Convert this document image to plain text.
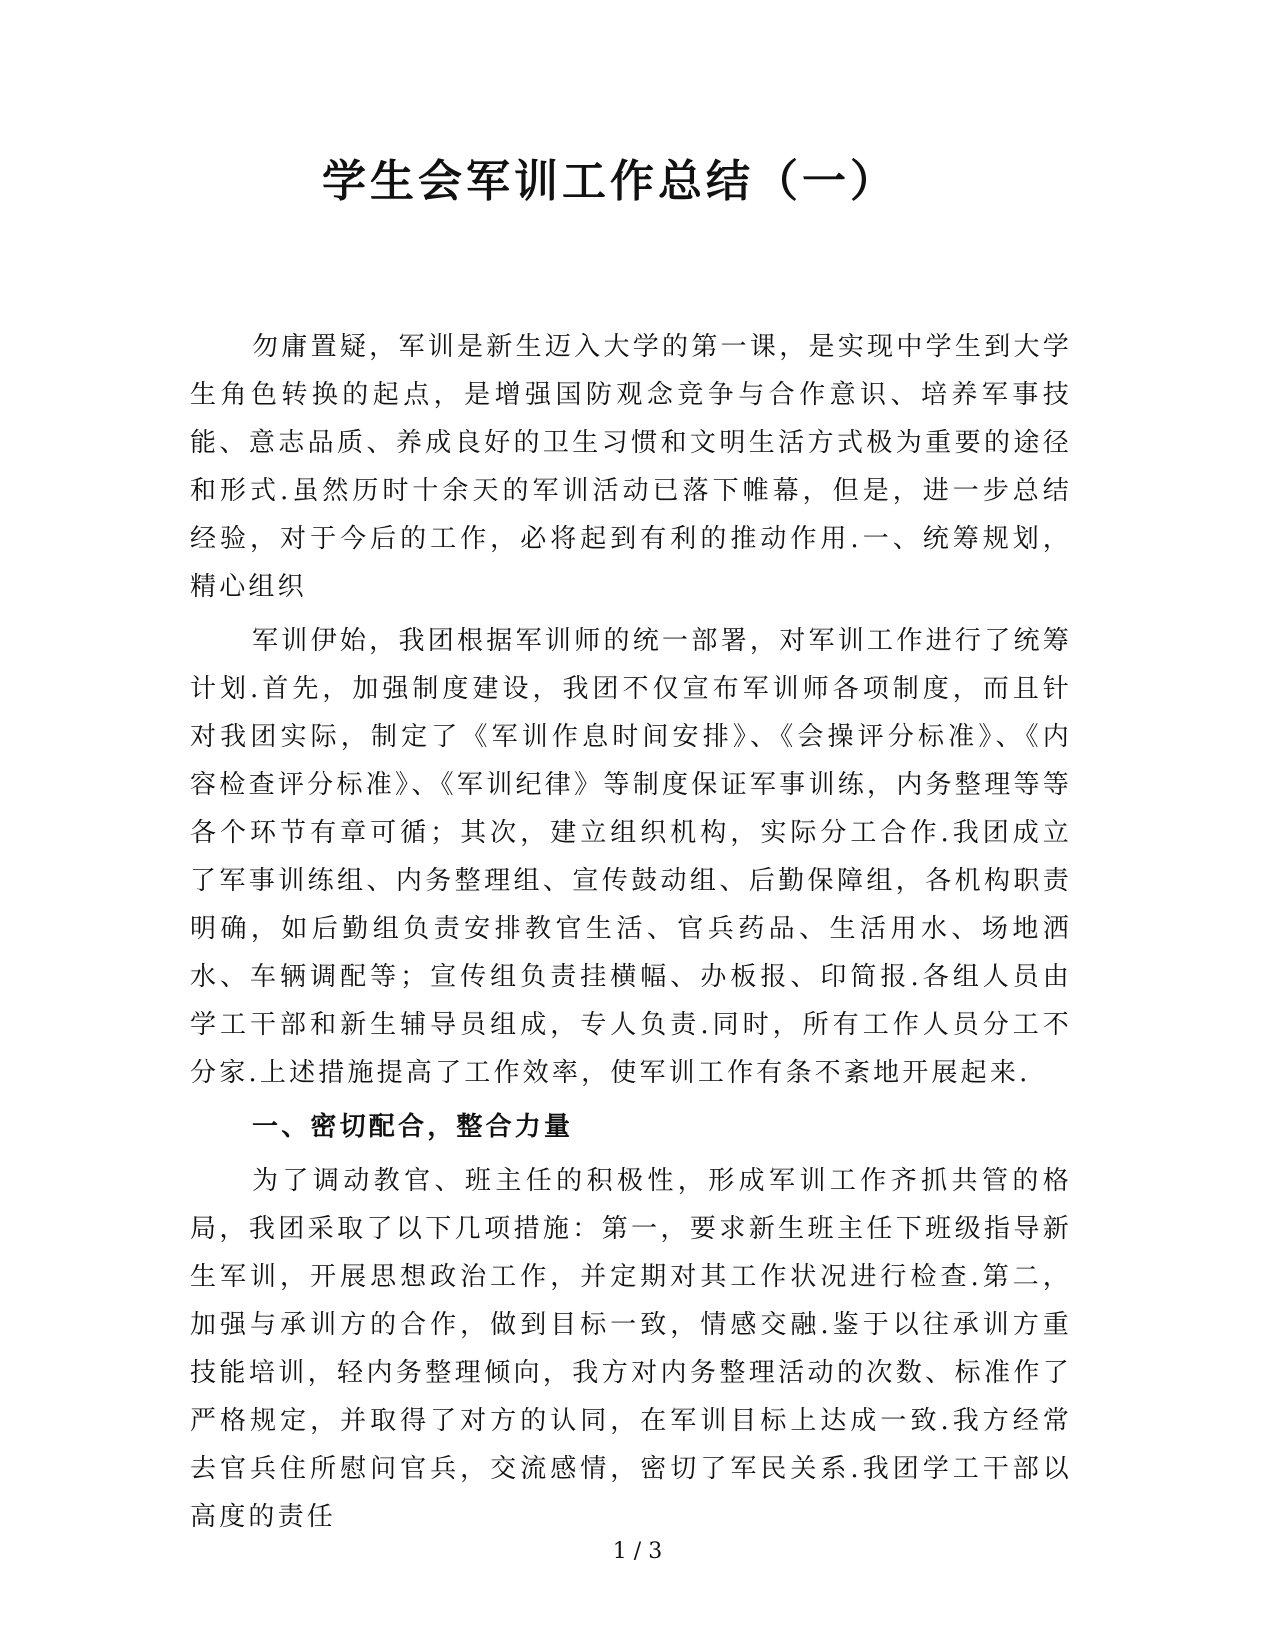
学生会军训工作总结（一）

勿庸置疑，军训是新生迈入大学的第一课，是实现中学生到大学生角色转换的起点，是增强国防观念竞争与合作意识、培养军事技能、意志品质、养成良好的卫生习惯和文明生活方式极为重要的途径和形式.虽然历时十余天的军训活动已落下帷幕，但是，进一步总结经验，对于今后的工作，必将起到有利的推动作用.一、统筹规划，精心组织

军训伊始，我团根据军训师的统一部署，对军训工作进行了统筹计划.首先，加强制度建设，我团不仅宣布军训师各项制度，而且针对我团实际，制定了《军训作息时间安排》、《会操评分标准》、《内容检查评分标准》、《军训纪律》等制度保证军事训练，内务整理等等各个环节有章可循；其次，建立组织机构，实际分工合作.我团成立了军事训练组、内务整理组、宣传鼓动组、后勤保障组，各机构职责明确，如后勤组负责安排教官生活、官兵药品、生活用水、场地洒水、车辆调配等；宣传组负责挂横幅、办板报、印简报.各组人员由学工干部和新生辅导员组成，专人负责.同时，所有工作人员分工不分家.上述措施提高了工作效率，使军训工作有条不紊地开展起来.

一、密切配合，整合力量

为了调动教官、班主任的积极性，形成军训工作齐抓共管的格局，我团采取了以下几项措施：第一，要求新生班主任下班级指导新生军训，开展思想政治工作，并定期对其工作状况进行检查.第二，加强与承训方的合作，做到目标一致，情感交融.鉴于以往承训方重技能培训，轻内务整理倾向，我方对内务整理活动的次数、标准作了严格规定，并取得了对方的认同，在军训目标上达成一致.我方经常去官兵住所慰问官兵，交流感情，密切了军民关系.我团学工干部以高度的责任

1 / 3
